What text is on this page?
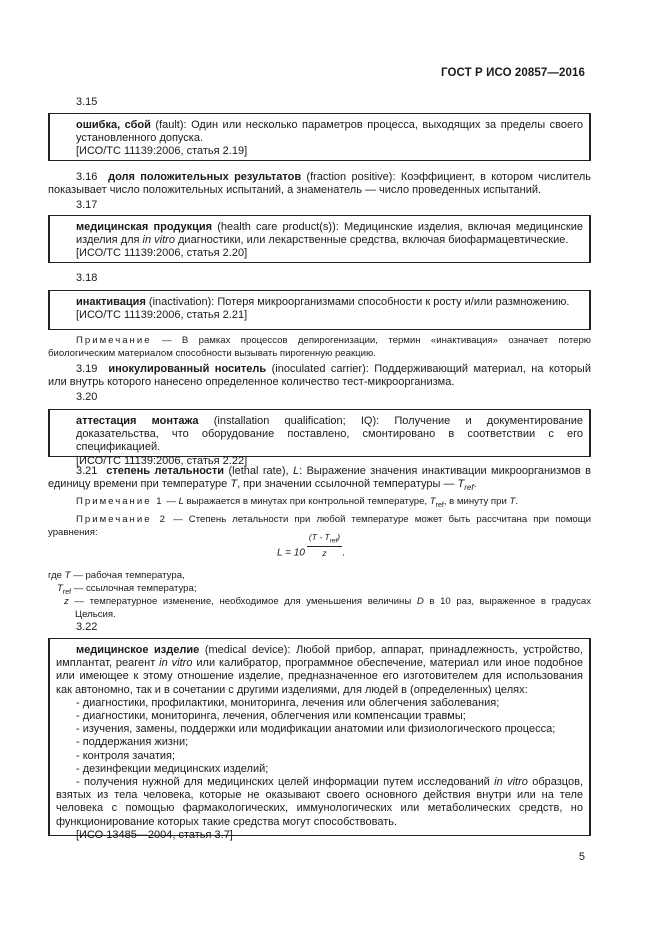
ГОСТ Р ИСО 20857—2016
3.15
ошибка, сбой (fault): Один или несколько параметров процесса, выходящих за пределы своего установленного допуска.
[ИСО/ТС 11139:2006, статья 2.19]
3.16 доля положительных результатов (fraction positive): Коэффициент, в котором числитель показывает число положительных испытаний, а знаменатель — число проведенных испытаний.
3.17
медицинская продукция (health care product(s)): Медицинские изделия, включая медицинские изделия для in vitro диагностики, или лекарственные средства, включая биофармацевтические.
[ИСО/ТС 11139:2006, статья 2.20]
3.18
инактивация (inactivation): Потеря микроорганизмами способности к росту и/или размножению.
[ИСО/ТС 11139:2006, статья 2.21]
Примечание — В рамках процессов депирогенизации, термин «инактивация» означает потерю биологическим материалом способности вызывать пирогенную реакцию.
3.19 инокулированный носитель (inoculated carrier): Поддерживающий материал, на который или внутрь которого нанесено определенное количество тест-микроорганизма.
3.20
аттестация монтажа (installation qualification; IQ): Получение и документирование доказательства, что оборудование поставлено, смонтировано в соответствии с его спецификацией.
[ИСО/ТС 11139:2006, статья 2.22]
3.21 степень летальности (lethal rate), L: Выражение значения инактивации микроорганизмов в единицу времени при температуре T, при значении ссылочной температуры — $T_{ref}$.
Примечание 1 — L выражается в минутах при контрольной температуре, $T_{ref}$, в минуту при T.
Примечание 2 — Степень летальности при любой температуре может быть рассчитана при помощи уравнения:
$L = 10 \frac{(T - T_{ref})}{z}$ .
где T — рабочая температура,
$T_{ref}$ — ссылочная температура;
z — температурное изменение, необходимое для уменьшения величины D в 10 раз, выраженное в градусах Цельсия.
3.22
медицинское изделие (medical device): Любой прибор, аппарат, принадлежность, устройство, имплантат, реагент in vitro или калибратор, программное обеспечение, материал или иное подобное или имеющее к этому отношение изделие, предназначенное его изготовителем для использования как автономно, так и в сочетании с другими изделиями, для людей в (определенных) целях:
- диагностики, профилактики, мониторинга, лечения или облегчения заболевания;
- диагностики, мониторинга, лечения, облегчения или компенсации травмы;
- изучения, замены, поддержки или модификации анатомии или физиологического процесса;
- поддержания жизни;
- контроля зачатия;
- дезинфекции медицинских изделий;
- получения нужной для медицинских целей информации путем исследований in vitro образцов, взятых из тела человека, которые не оказывают своего основного действия внутри или на теле человека с помощью фармакологических, иммунологических или метаболических средств, но функционирование которых такие средства могут способствовать.
[ИСО 13485—2004, статья 3.7]
5
